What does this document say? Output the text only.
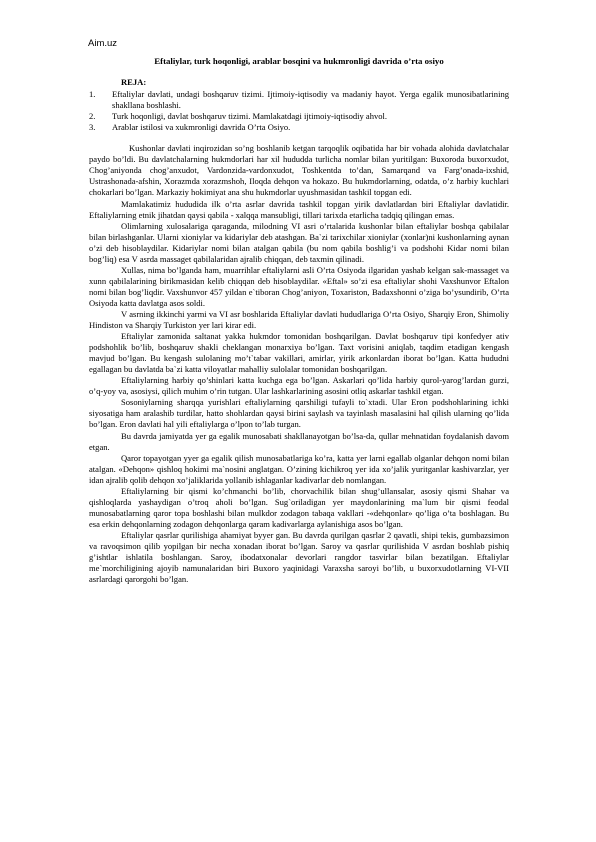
Aim.uz
Eftaliylar, turk hoqonligi, arablar bosqini va hukmronligi davrida o’rta osiyo
REJA:
1. Eftaliylar davlati, undagi boshqaruv tizimi. Ijtimoiy-iqtisodiy va madaniy hayot. Yerga egalik munosibatlarining shakllana boshlashi.
2. Turk hoqonligi, davlat boshqaruv tizimi. Mamlakatdagi ijtimoiy-iqtisodiy ahvol.
3. Arablar istilosi va xukmronligi davrida O’rta Osiyo.

Kushonlar davlati inqirozidan so’ng boshlanib ketgan tarqoqlik oqibatida har bir vohada alohida davlatchalar paydo bo’ldi. Bu davlatchalarning hukmdorlari har xil hududda turlicha nomlar bilan yuritilgan: Buxoroda buxorxudot, Chog’aniyonda chog’anxudot, Vardonzida-vardonxudot, Toshkentda to’dan, Samarqand va Farg’onada-ixshid, Ustrashonada-afshin, Xorazmda xorazmshoh, Iloqda dehqon va hokazo. Bu hukmdorlarning, odatda, o’z harbiy kuchlari chokarlari bo’lgan. Markaziy hokimiyat ana shu hukmdorlar uyushmasidan tashkil topgan edi.

Mamlakatimiz hududida ilk o’rta asrlar davrida tashkil topgan yirik davlatlardan biri Eftaliylar davlatidir. Eftaliylarning etnik jihatdan qaysi qabila - xalqqa mansubligi, tillari tarixda etarlicha tadqiq qilingan emas.

Olimlarning xulosalariga qaraganda, milodning VI asri o’rtalarida kushonlar bilan eftaliylar boshqa qabilalar bilan birlashganlar. Ularni xioniylar va kidariylar deb atashgan. Ba`zi tarixchilar xioniylar (xonlar)ni kushonlarning aynan o’zi deb hisoblaydilar. Kidariylar nomi bilan atalgan qabila (bu nom qabila boshlig’i va podshohi Kidar nomi bilan bog’liq) esa V asrda massaget qabilalaridan ajralib chiqqan, deb taxmin qilinadi.

Xullas, nima bo’lganda ham, muarrihlar eftaliylarni asli O’rta Osiyoda ilgaridan yashab kelgan sak-massaget va xunn qabilalarining birikmasidan kelib chiqqan deb hisoblaydilar. «Eftal» so’zi esa eftaliylar shohi Vaxshunvor Eftalon nomi bilan bog’liqdir. Vaxshunvor 457 yildan e`tiboran Chog’aniyon, Toxariston, Badaxshonni o’ziga bo’ysundirib, O’rta Osiyoda katta davlatga asos soldi.

V asrning ikkinchi yarmi va VI asr boshlarida Eftaliylar davlati hududlariga O’rta Osiyo, Sharqiy Eron, Shimoliy Hindiston va Sharqiy Turkiston yer lari kirar edi.

Eftaliylar zamonida saltanat yakka hukmdor tomonidan boshqarilgan. Davlat boshqaruv tipi konfedyer ativ podshohlik bo’lib, boshqaruv shakli cheklangan monarxiya bo’lgan. Taxt vorisini aniqlab, taqdim etadigan kengash mavjud bo’lgan. Bu kengash sulolaning mo’t`tabar vakillari, amirlar, yirik arkonlardan iborat bo’lgan. Katta hududni egallagan bu davlatda ba`zi katta viloyatlar mahalliy sulolalar tomonidan boshqarilgan.

Eftaliylarning harbiy qo’shinlari katta kuchga ega bo’lgan. Askarlari qo’lida harbiy qurol-yarog’lardan gurzi, o’q-yoy va, asosiysi, qilich muhim o’rin tutgan. Ular lashkarlarining asosini otliq askarlar tashkil etgan.

Sosoniylarning sharqqa yurishlari eftaliylarning qarshiligi tufayli to`xtadi. Ular Eron podshohlarining ichki siyosatiga ham aralashib turdilar, hatto shohlardan qaysi birini saylash va tayinlash masalasini hal qilish ularning qo’lida bo’lgan. Eron davlati hal yili eftaliylarga o’lpon to’lab turgan.

Bu davrda jamiyatda yer ga egalik munosabati shakllanayotgan bo’lsa-da, qullar mehnatidan foydalanish davom etgan.

Qaror topayotgan yyer ga egalik qilish munosabatlariga ko’ra, katta yer larni egallab olganlar dehqon nomi bilan atalgan. «Dehqon» qishloq hokimi ma`nosini anglatgan. O’zining kichikroq yer ida xo’jalik yuritganlar kashivarzlar, yer idan ajralib qolib dehqon xo’jaliklarida yollanib ishlaganlar kadivarlar deb nomlangan.

Eftaliylarning bir qismi ko’chmanchi bo’lib, chorvachilik bilan shug’ullansalar, asosiy qismi Shahar va qishloqlarda yashaydigan o’troq aholi bo’lgan. Sug`oriladigan yer maydonlarining ma`lum bir qismi feodal munosabatlarning qaror topa boshlashi bilan mulkdor zodagon tabaqa vakllari -«dehqonlar» qo’liga o’ta boshlagan. Bu esa erkin dehqonlarning zodagon dehqonlarga qaram kadivarlarga aylanishiga asos bo’lgan.

Eftaliylar qasrlar qurilishiga ahamiyat byyer gan. Bu davrda qurilgan qasrlar 2 qavatli, shipi tekis, gumbazsimon va ravoqsimon qilib yopilgan bir necha xonadan iborat bo’lgan. Saroy va qasrlar qurilishida V asrdan boshlab pishiq g’ishtlar ishlatila boshlangan. Saroy, ibodatxonalar devorlari rangdor tasvirlar bilan bezatilgan. Eftaliylar me`morchiligining ajoyib namunalaridan biri Buxoro yaqinidagi Varaxsha saroyi bo’lib, u buxorxudotlarning VI-VII asrlardagi qarorgohi bo’lgan.
